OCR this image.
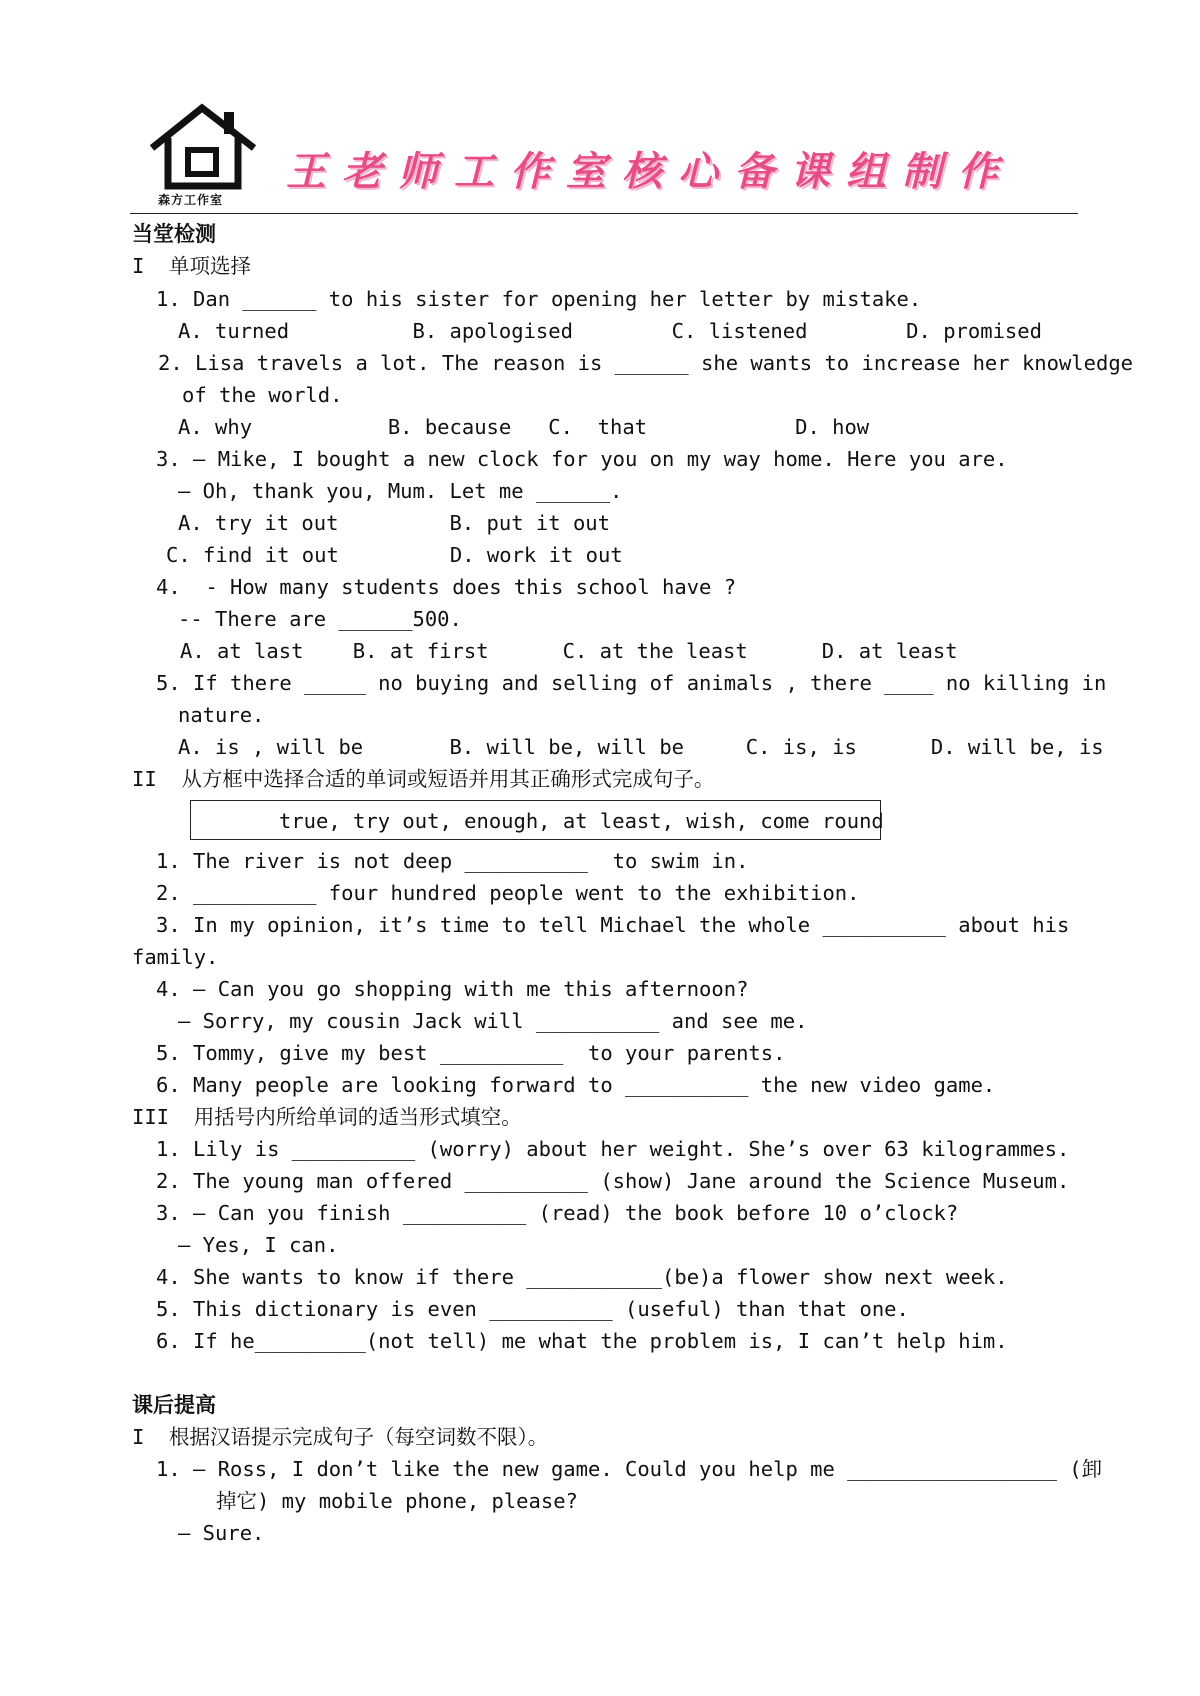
森方工作室
王老师工作室核心备课组制作
当堂检测
I  单项选择
1. Dan ______ to his sister for opening her letter by mistake.
A. turned          B. apologised        C. listened        D. promised
2. Lisa travels a lot. The reason is ______ she wants to increase her knowledge
of the world.
A. why           B. because   C.  that            D. how
3. — Mike, I bought a new clock for you on my way home. Here you are.
— Oh, thank you, Mum. Let me ______.
A. try it out         B. put it out
C. find it out         D. work it out
4.  - How many students does this school have ?
-- There are ______500.
A. at last    B. at first      C. at the least      D. at least
5. If there _____ no buying and selling of animals , there ____ no killing in
nature.
A. is , will be       B. will be, will be     C. is, is      D. will be, is
II  从方框中选择合适的单词或短语并用其正确形式完成句子。
true, try out, enough, at least, wish, come round
1. The river is not deep __________  to swim in.
2. __________ four hundred people went to the exhibition.
3. In my opinion, it’s time to tell Michael the whole __________ about his
family.
4. — Can you go shopping with me this afternoon?
— Sorry, my cousin Jack will __________ and see me.
5. Tommy, give my best __________  to your parents.
6. Many people are looking forward to __________ the new video game.
III  用括号内所给单词的适当形式填空。
1. Lily is __________ (worry) about her weight. She’s over 63 kilogrammes.
2. The young man offered __________ (show) Jane around the Science Museum.
3. — Can you finish __________ (read) the book before 10 o’clock?
— Yes, I can.
4. She wants to know if there ___________(be)a flower show next week.
5. This dictionary is even __________ (useful) than that one.
6. If he_________(not tell) me what the problem is, I can’t help him.
课后提高
I  根据汉语提示完成句子（每空词数不限）。
1. — Ross, I don’t like the new game. Could you help me _________________ (卸
掉它) my mobile phone, please?
— Sure.
